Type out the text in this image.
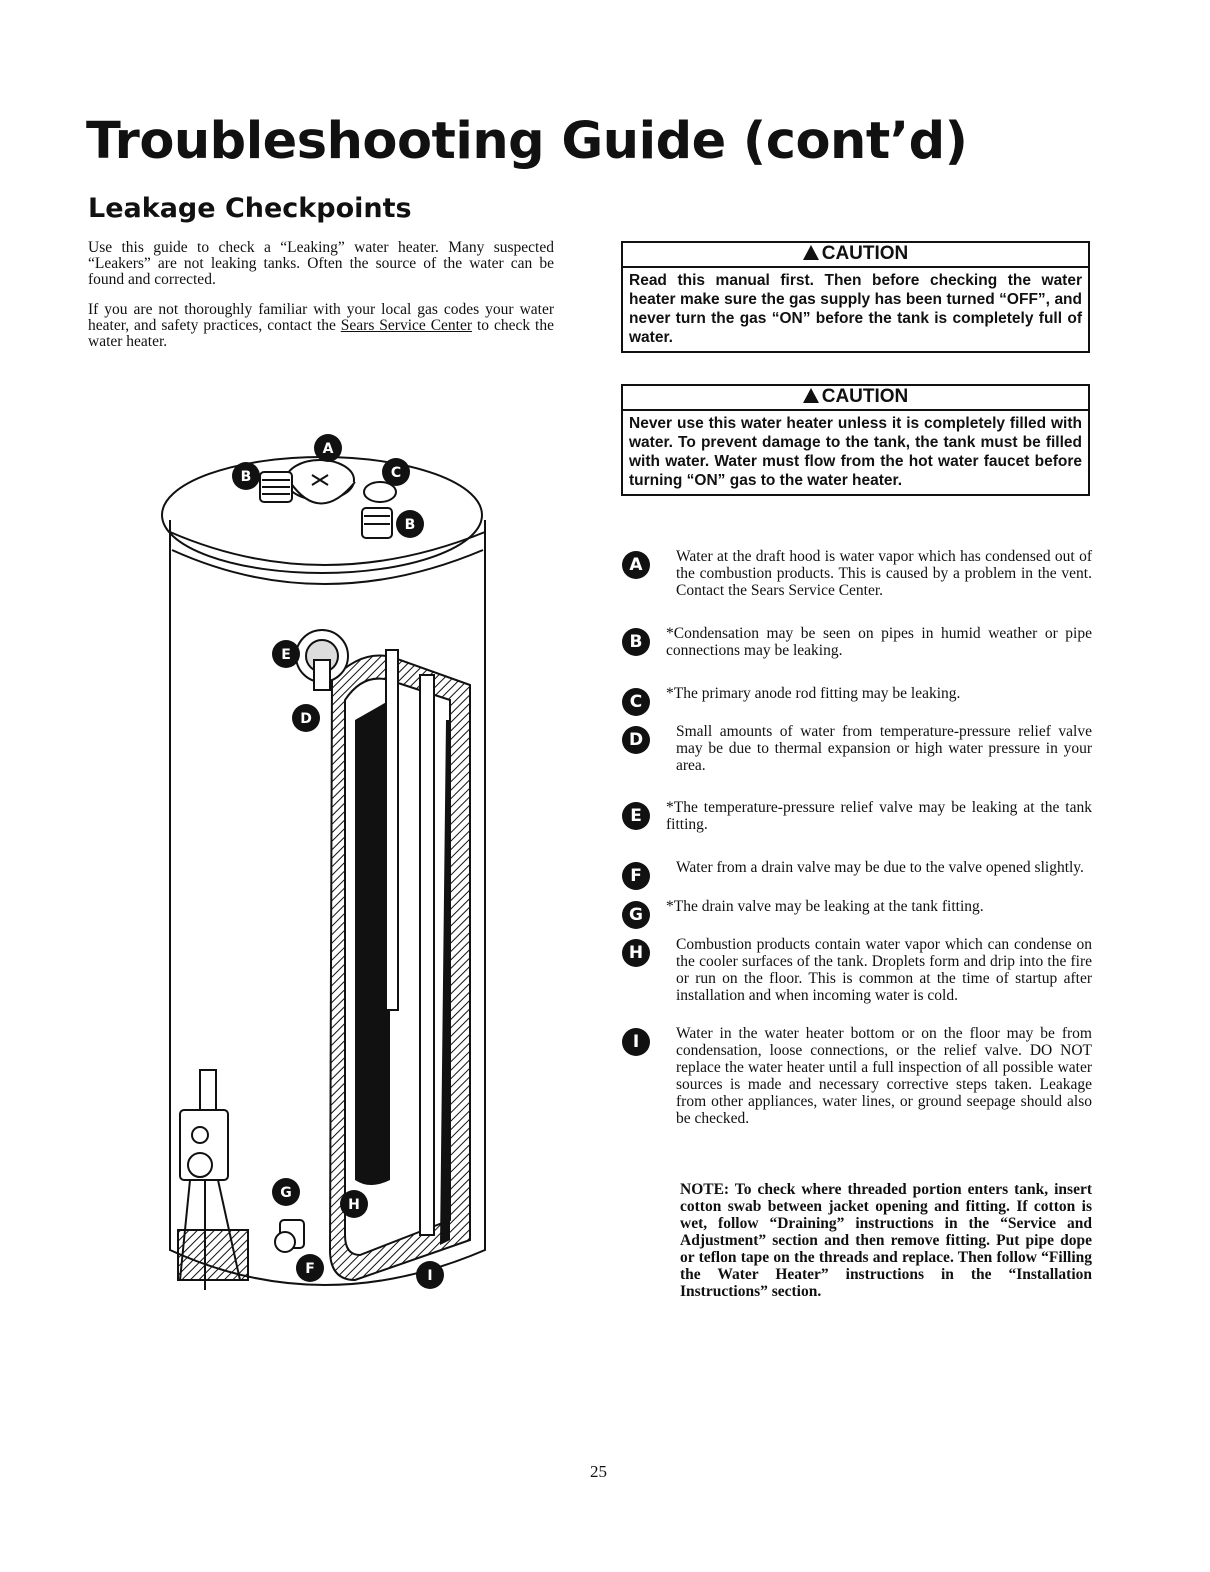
Troubleshooting Guide (cont’d)
Leakage Checkpoints

Use this guide to check a “Leaking” water heater. Many suspected “Leakers” are not leaking tanks. Often the source of the water can be found and corrected.

If you are not thoroughly familiar with your local gas codes your water heater, and safety practices, contact the Sears Service Center to check the water heater.

CAUTION
Read this manual first. Then before checking the water heater make sure the gas supply has been turned “OFF”, and never turn the gas “ON” before the tank is completely full of water.
CAUTION
Never use this water heater unless it is completely filled with water. To prevent damage to the tank, the tank must be filled with water. Water must flow from the hot water faucet before turning “ON” gas to the water heater.
A	Water at the draft hood is water vapor which has condensed out of the combustion products. This is caused by a problem in the vent. Contact the Sears Service Center.
B	*Condensation may be seen on pipes in humid weather or pipe connections may be leaking.
C	*The primary anode rod fitting may be leaking.
D	Small amounts of water from temperature-pressure relief valve may be due to thermal expansion or high water pressure in your area.
E	*The temperature-pressure relief valve may be leaking at the tank fitting.
F	Water from a drain valve may be due to the valve opened slightly.
G	*The drain valve may be leaking at the tank fitting.
H	Combustion products contain water vapor which can condense on the cooler surfaces of the tank. Droplets form and drip into the fire or run on the floor. This is common at the time of startup after installation and when incoming water is cold.
I	Water in the water heater bottom or on the floor may be from condensation, loose connections, or the relief valve. DO NOT replace the water heater until a full inspection of all possible water sources is made and necessary corrective steps taken. Leakage from other appliances, water lines, or ground seepage should also be checked.
NOTE: To check where threaded portion enters tank, insert cotton swab between jacket opening and fitting. If cotton is wet, follow “Draining” instructions in the “Service and Adjustment” section and then remove fitting. Put pipe dope or teflon tape on the threads and replace. Then follow “Filling the Water Heater” instructions in the “Installation Instructions” section.
25
A
B	C
B
E
D
G
H
F	I
